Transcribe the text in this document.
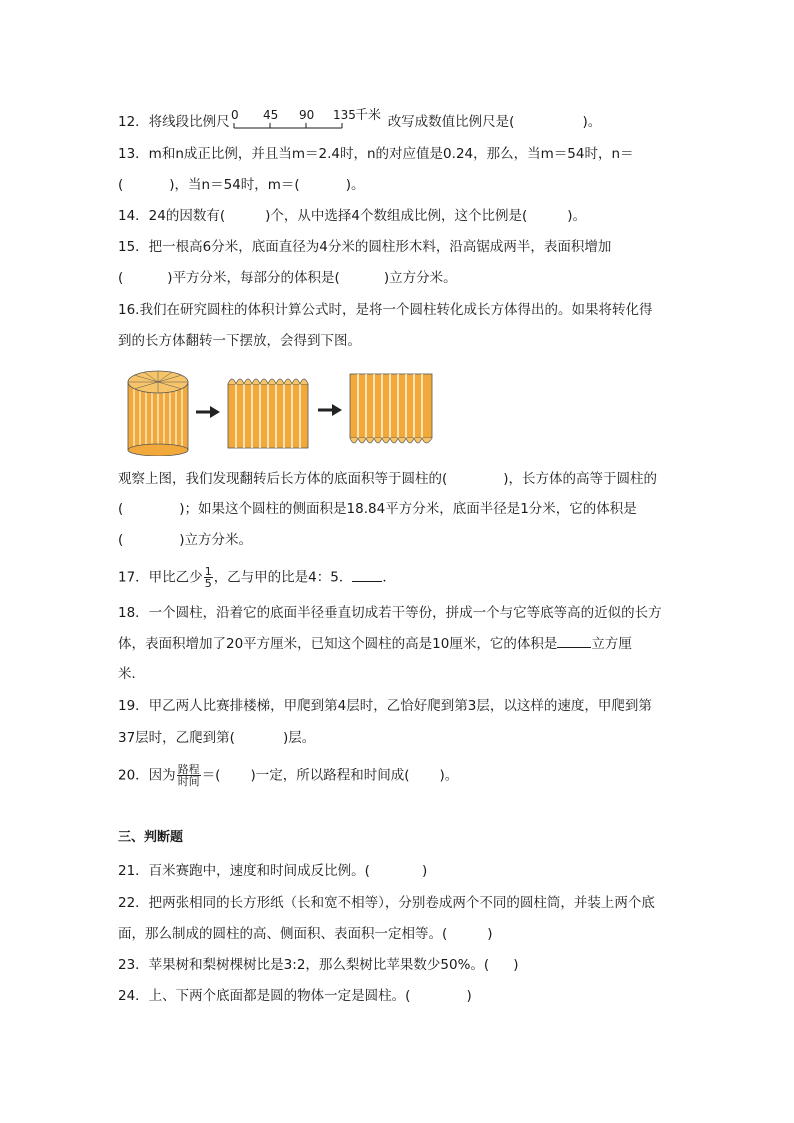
12．将线段比例尺 0 45 90 135 千米 改写成数值比例尺是(	)。
13．m和n成正比例，并且当m＝2.4时，n的对应值是0.24，那么，当m＝54时，n＝
(	)，当n＝54时，m＝(	)。
14．24的因数有(	)个，从中选择4个数组成比例，这个比例是(	)。
15．把一根高6分米，底面直径为4分米的圆柱形木料，沿高锯成两半，表面积增加
(	)平方分米，每部分的体积是(	)立方分米。
16.我们在研究圆柱的体积计算公式时，是将一个圆柱转化成长方体得出的。如果将转化得
到的长方体翻转一下摆放，会得到下图。
观察上图，我们发现翻转后长方体的底面积等于圆柱的(	)，长方体的高等于圆柱的
(	)；如果这个圆柱的侧面积是18.84平方分米，底面半径是1分米，它的体积是
(	)立方分米。
17．甲比乙少 $\frac{1}{5}$ ，乙与甲的比是4：5． ．
18．一个圆柱，沿着它的底面半径垂直切成若干等份，拼成一个与它等底等高的近似的长方
体，表面积增加了20平方厘米，已知这个圆柱的高是10厘米，它的体积是	立方厘
米．
19．甲乙两人比赛排楼梯，甲爬到第4层时，乙恰好爬到第3层，以这样的速度，甲爬到第
37层时，乙爬到第(	)层。
20．因为 $\frac{\text{路程}}{\text{时间}}$ ＝( )一定，所以路程和时间成( )。
三、判断题
21．百米赛跑中，速度和时间成反比例。(	)
22．把两张相同的长方形纸（长和宽不相等），分别卷成两个不同的圆柱筒，并装上两个底
面，那么制成的圆柱的高、侧面积、表面积一定相等。(	)
23．苹果树和梨树棵树比是3:2，那么梨树比苹果数少50%。( )
24．上、下两个底面都是圆的物体一定是圆柱。(	)
